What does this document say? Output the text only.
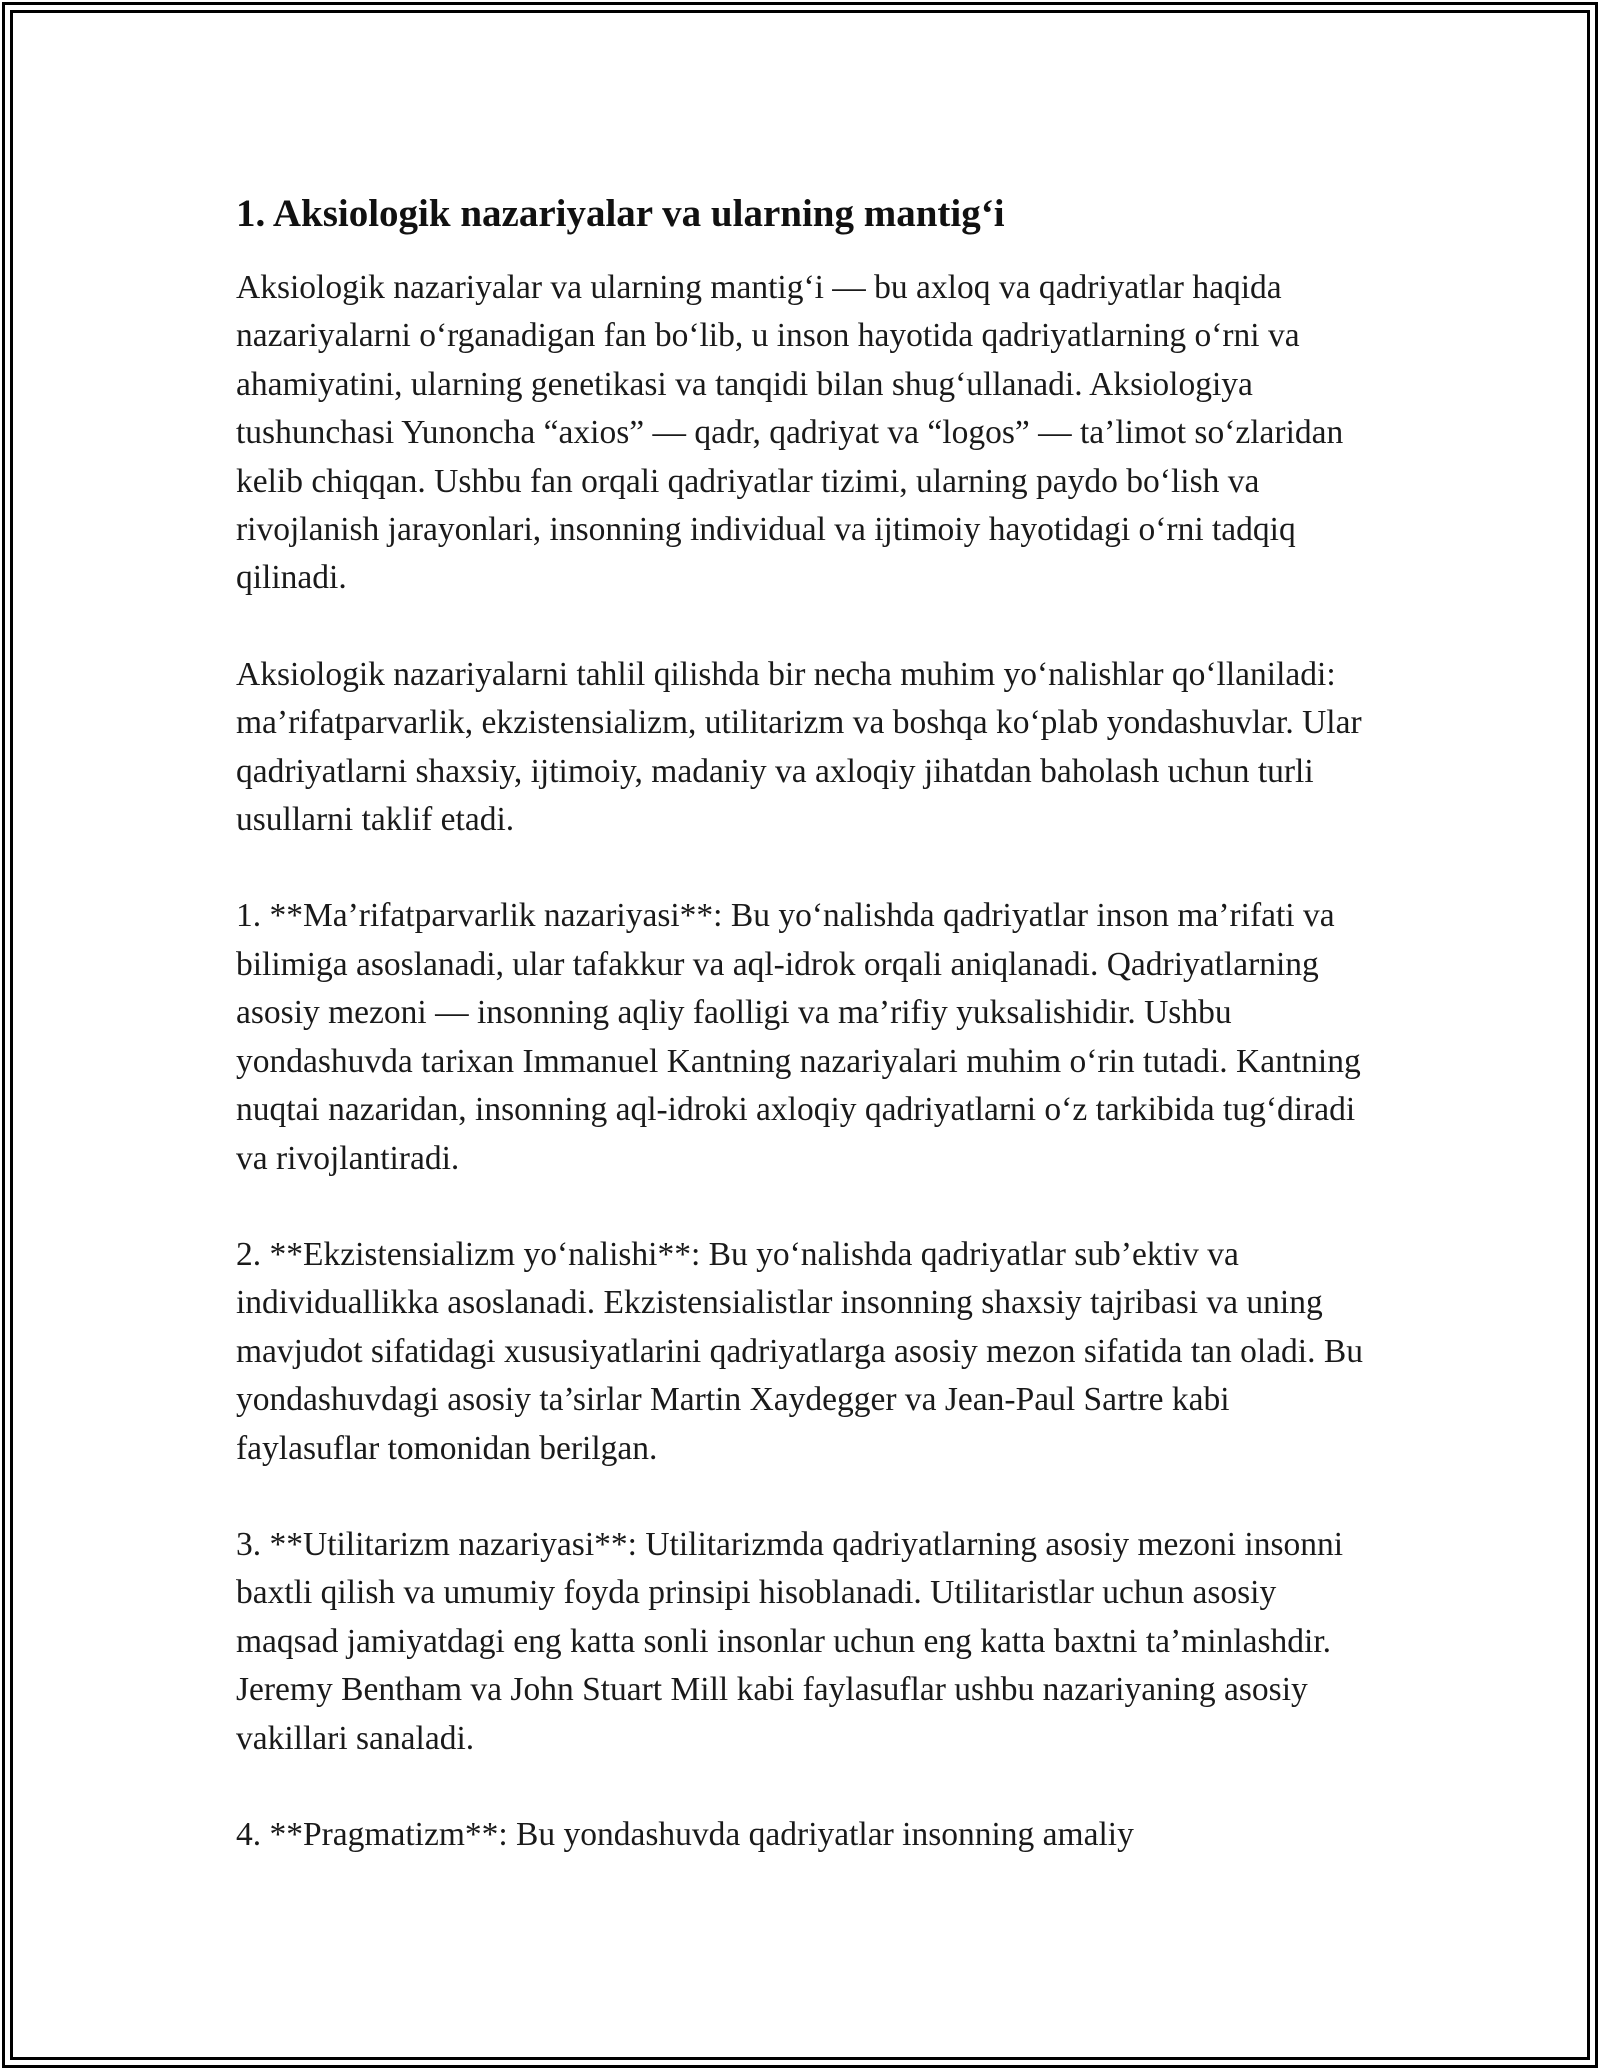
1. Aksiologik nazariyalar va ularning mantig‘i

Aksiologik nazariyalar va ularning mantig‘i — bu axloq va qadriyatlar haqida nazariyalarni o‘rganadigan fan bo‘lib, u inson hayotida qadriyatlarning o‘rni va ahamiyatini, ularning genetikasi va tanqidi bilan shug‘ullanadi. Aksiologiya tushunchasi Yunoncha “axios” — qadr, qadriyat va “logos” — ta’limot so‘zlaridan kelib chiqqan. Ushbu fan orqali qadriyatlar tizimi, ularning paydo bo‘lish va rivojlanish jarayonlari, insonning individual va ijtimoiy hayotidagi o‘rni tadqiq qilinadi.

Aksiologik nazariyalarni tahlil qilishda bir necha muhim yo‘nalishlar qo‘llaniladi: ma’rifatparvarlik, ekzistensializm, utilitarizm va boshqa ko‘plab yondashuvlar. Ular qadriyatlarni shaxsiy, ijtimoiy, madaniy va axloqiy jihatdan baholash uchun turli usullarni taklif etadi.

1. **Ma’rifatparvarlik nazariyasi**: Bu yo‘nalishda qadriyatlar inson ma’rifati va bilimiga asoslanadi, ular tafakkur va aql-idrok orqali aniqlanadi. Qadriyatlarning asosiy mezoni — insonning aqliy faolligi va ma’rifiy yuksalishidir. Ushbu yondashuvda tarixan Immanuel Kantning nazariyalari muhim o‘rin tutadi. Kantning nuqtai nazaridan, insonning aql-idroki axloqiy qadriyatlarni o‘z tarkibida tug‘diradi va rivojlantiradi.

2. **Ekzistensializm yo‘nalishi**: Bu yo‘nalishda qadriyatlar sub’ektiv va individuallikka asoslanadi. Ekzistensialistlar insonning shaxsiy tajribasi va uning mavjudot sifatidagi xususiyatlarini qadriyatlarga asosiy mezon sifatida tan oladi. Bu yondashuvdagi asosiy ta’sirlar Martin Xaydegger va Jean-Paul Sartre kabi faylasuflar tomonidan berilgan.

3. **Utilitarizm nazariyasi**: Utilitarizmda qadriyatlarning asosiy mezoni insonni baxtli qilish va umumiy foyda prinsipi hisoblanadi. Utilitaristlar uchun asosiy maqsad jamiyatdagi eng katta sonli insonlar uchun eng katta baxtni ta’minlashdir. Jeremy Bentham va John Stuart Mill kabi faylasuflar ushbu nazariyaning asosiy vakillari sanaladi.

4. **Pragmatizm**: Bu yondashuvda qadriyatlar insonning amaliy
